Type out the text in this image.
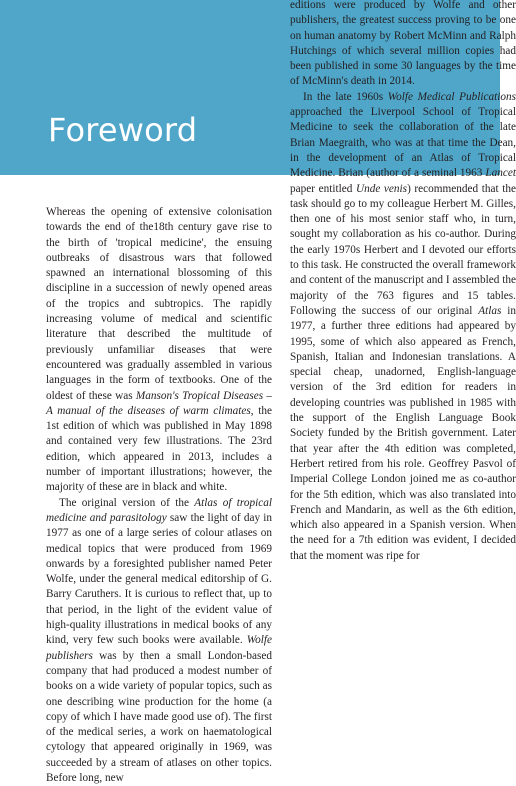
Foreword

editions were produced by Wolfe and other publishers, the greatest success proving to be one on human anatomy by Robert McMinn and Ralph Hutchings of which several million copies had been published in some 30 languages by the time of McMinn's death in 2014.

In the late 1960s Wolfe Medical Publications approached the Liverpool School of Tropical Medicine to seek the collaboration of the late Brian Maegraith, who was at that time the Dean, in the development of an Atlas of Tropical Medicine. Brian (author of a seminal 1963 Lancet paper entitled Unde venis) recommended that the task should go to my colleague Herbert M. Gilles, then one of his most senior staff who, in turn, sought my collaboration as his co-author. During the early 1970s Herbert and I devoted our efforts to this task. He constructed the overall framework and content of the manuscript and I assembled the majority of the 763 figures and 15 tables. Following the success of our original Atlas in 1977, a further three editions had appeared by 1995, some of which also appeared as French, Spanish, Italian and Indonesian translations. A special cheap, unadorned, English-language version of the 3rd edition for readers in developing countries was published in 1985 with the support of the English Language Book Society funded by the British government. Later that year after the 4th edition was completed, Herbert retired from his role. Geoffrey Pasvol of Imperial College London joined me as co-author for the 5th edition, which was also translated into French and Mandarin, as well as the 6th edition, which also appeared in a Spanish version. When the need for a 7th edition was evident, I decided that the moment was ripe for

Whereas the opening of extensive colonisation towards the end of the18th century gave rise to the birth of 'tropical medicine', the ensuing outbreaks of disastrous wars that followed spawned an international blossoming of this discipline in a succession of newly opened areas of the tropics and subtropics. The rapidly increasing volume of medical and scientific literature that described the multitude of previously unfamiliar diseases that were encountered was gradually assembled in various languages in the form of textbooks. One of the oldest of these was Manson's Tropical Diseases – A manual of the diseases of warm climates, the 1st edition of which was published in May 1898 and contained very few illustrations. The 23rd edition, which appeared in 2013, includes a number of important illustrations; however, the majority of these are in black and white.

The original version of the Atlas of tropical medicine and parasitology saw the light of day in 1977 as one of a large series of colour atlases on medical topics that were produced from 1969 onwards by a foresighted publisher named Peter Wolfe, under the general medical editorship of G. Barry Caruthers. It is curious to reflect that, up to that period, in the light of the evident value of high-quality illustrations in medical books of any kind, very few such books were available. Wolfe publishers was by then a small London-based company that had produced a modest number of books on a wide variety of popular topics, such as one describing wine production for the home (a copy of which I have made good use of). The first of the medical series, a work on haematological cytology that appeared originally in 1969, was succeeded by a stream of atlases on other topics. Before long, new
